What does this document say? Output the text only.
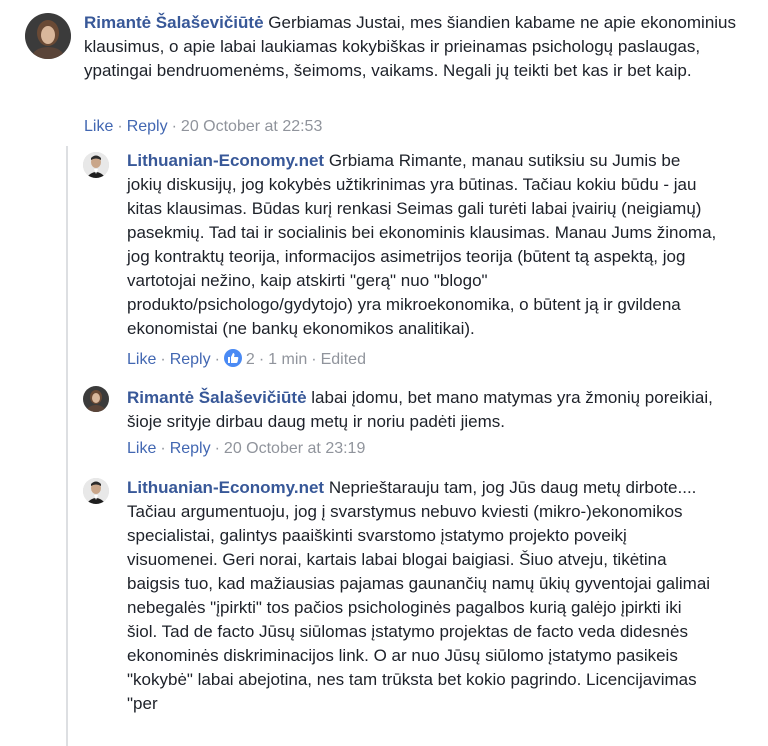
Rimantė Šalaševičiūtė Gerbiamas Justai, mes šiandien kabame ne apie ekonominius klausimus, o apie labai laukiamas kokybiškas ir prieinamas psichologų paslaugas, ypatingai bendruomenėms, šeimoms, vaikams. Negali jų teikti bet kas ir bet kaip.
Like · Reply · 20 October at 22:53
Lithuanian-Economy.net Grbiama Rimante, manau sutiksiu su Jumis be jokių diskusijų, jog kokybės užtikrinimas yra būtinas. Tačiau kokiu būdu - jau kitas klausimas. Būdas kurį renkasi Seimas gali turėti labai įvairių (neigiamų) pasekmių. Tad tai ir socialinis bei ekonominis klausimas. Manau Jums žinoma, jog kontraktų teorija, informacijos asimetrijos teorija (būtent tą aspektą, jog vartotojai nežino, kaip atskirti "gerą" nuo "blogo" produkto/psichologo/gydytojo) yra mikroekonomika, o būtent ją ir gvildena ekonomistai (ne bankų ekonomikos analitikai).
Like · Reply · 2 · 1 min · Edited
Rimantė Šalaševičiūtė labai įdomu, bet mano matymas yra žmonių poreikiai, šioje srityje dirbau daug metų ir noriu padėti jiems.
Like · Reply · 20 October at 23:19
Lithuanian-Economy.net Neprieštarauju tam, jog Jūs daug metų dirbote....
Tačiau argumentuoju, jog į svarstymus nebuvo kviesti (mikro-)ekonomikos specialistai, galintys paaiškinti svarstomo įstatymo projekto poveikį visuomenei. Geri norai, kartais labai blogai baigiasi. Šiuo atveju, tikėtina baigsis tuo, kad mažiausias pajamas gaunančių namų ūkių gyventojai galimai nebegalės "įpirkti" tos pačios psichologinės pagalbos kurią galėjo įpirkti iki šiol. Tad de facto Jūsų siūlomas įstatymo projektas de facto veda didesnės ekonominės diskriminacijos link. O ar nuo Jūsų siūlomo įstatymo pasikeis "kokybė" labai abejotina, nes tam trūksta bet kokio pagrindo. Licencijavimas "per
